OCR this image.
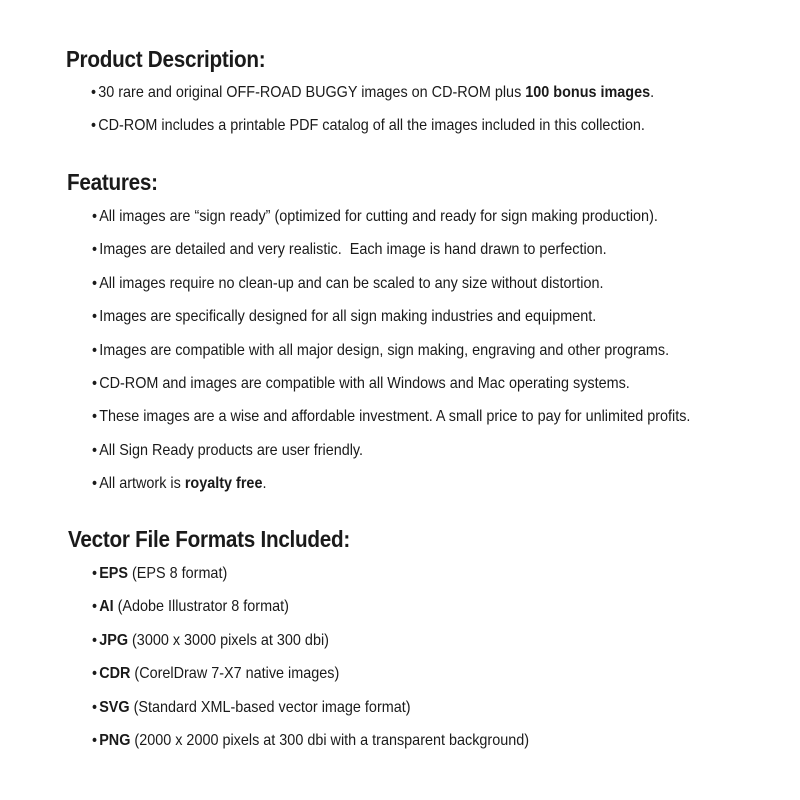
Product Description:
• 30 rare and original OFF-ROAD BUGGY images on CD-ROM plus 100 bonus images.
• CD-ROM includes a printable PDF catalog of all the images included in this collection.
Features:
• All images are “sign ready” (optimized for cutting and ready for sign making production).
• Images are detailed and very realistic.  Each image is hand drawn to perfection.
• All images require no clean-up and can be scaled to any size without distortion.
• Images are specifically designed for all sign making industries and equipment.
• Images are compatible with all major design, sign making, engraving and other programs.
• CD-ROM and images are compatible with all Windows and Mac operating systems.
• These images are a wise and affordable investment. A small price to pay for unlimited profits.
• All Sign Ready products are user friendly.
• All artwork is royalty free.
Vector File Formats Included:
• EPS (EPS 8 format)
• AI (Adobe Illustrator 8 format)
• JPG (3000 x 3000 pixels at 300 dbi)
• CDR (CorelDraw 7-X7 native images)
• SVG (Standard XML-based vector image format)
• PNG (2000 x 2000 pixels at 300 dbi with a transparent background)
